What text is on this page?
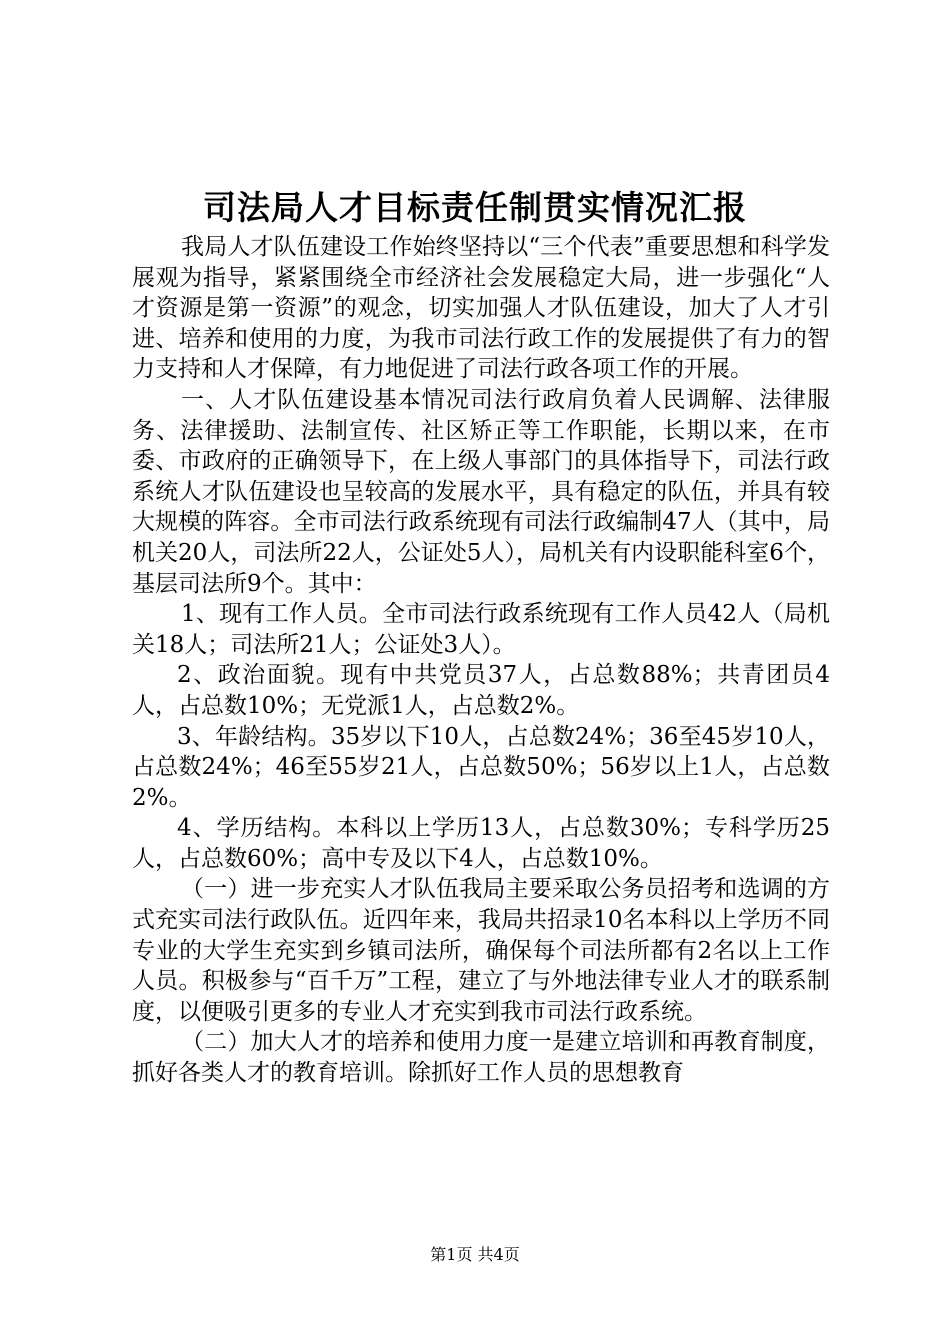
司法局人才目标责任制贯实情况汇报

我局人才队伍建设工作始终坚持以“三个代表”重要思想和科学发展观为指导，紧紧围绕全市经济社会发展稳定大局，进一步强化“人才资源是第一资源”的观念，切实加强人才队伍建设，加大了人才引进、培养和使用的力度，为我市司法行政工作的发展提供了有力的智力支持和人才保障，有力地促进了司法行政各项工作的开展。

一、人才队伍建设基本情况司法行政肩负着人民调解、法律服务、法律援助、法制宣传、社区矫正等工作职能，长期以来，在市委、市政府的正确领导下，在上级人事部门的具体指导下，司法行政系统人才队伍建设也呈较高的发展水平，具有稳定的队伍，并具有较大规模的阵容。全市司法行政系统现有司法行政编制47人（其中，局机关20人，司法所22人，公证处5人），局机关有内设职能科室6个，基层司法所9个。其中：

1、现有工作人员。全市司法行政系统现有工作人员42人（局机关18人；司法所21人；公证处3人）。

2、政治面貌。现有中共党员37人，占总数88%；共青团员4人，占总数10%；无党派1人，占总数2%。

3、年龄结构。35岁以下10人，占总数24%；36至45岁10人，占总数24%；46至55岁21人，占总数50%；56岁以上1人，占总数2%。

4、学历结构。本科以上学历13人，占总数30%；专科学历25人，占总数60%；高中专及以下4人，占总数10%。

（一）进一步充实人才队伍我局主要采取公务员招考和选调的方式充实司法行政队伍。近四年来，我局共招录10名本科以上学历不同专业的大学生充实到乡镇司法所，确保每个司法所都有2名以上工作人员。积极参与“百千万”工程，建立了与外地法律专业人才的联系制度，以便吸引更多的专业人才充实到我市司法行政系统。

（二）加大人才的培养和使用力度一是建立培训和再教育制度，抓好各类人才的教育培训。除抓好工作人员的思想教育

第1页 共4页
